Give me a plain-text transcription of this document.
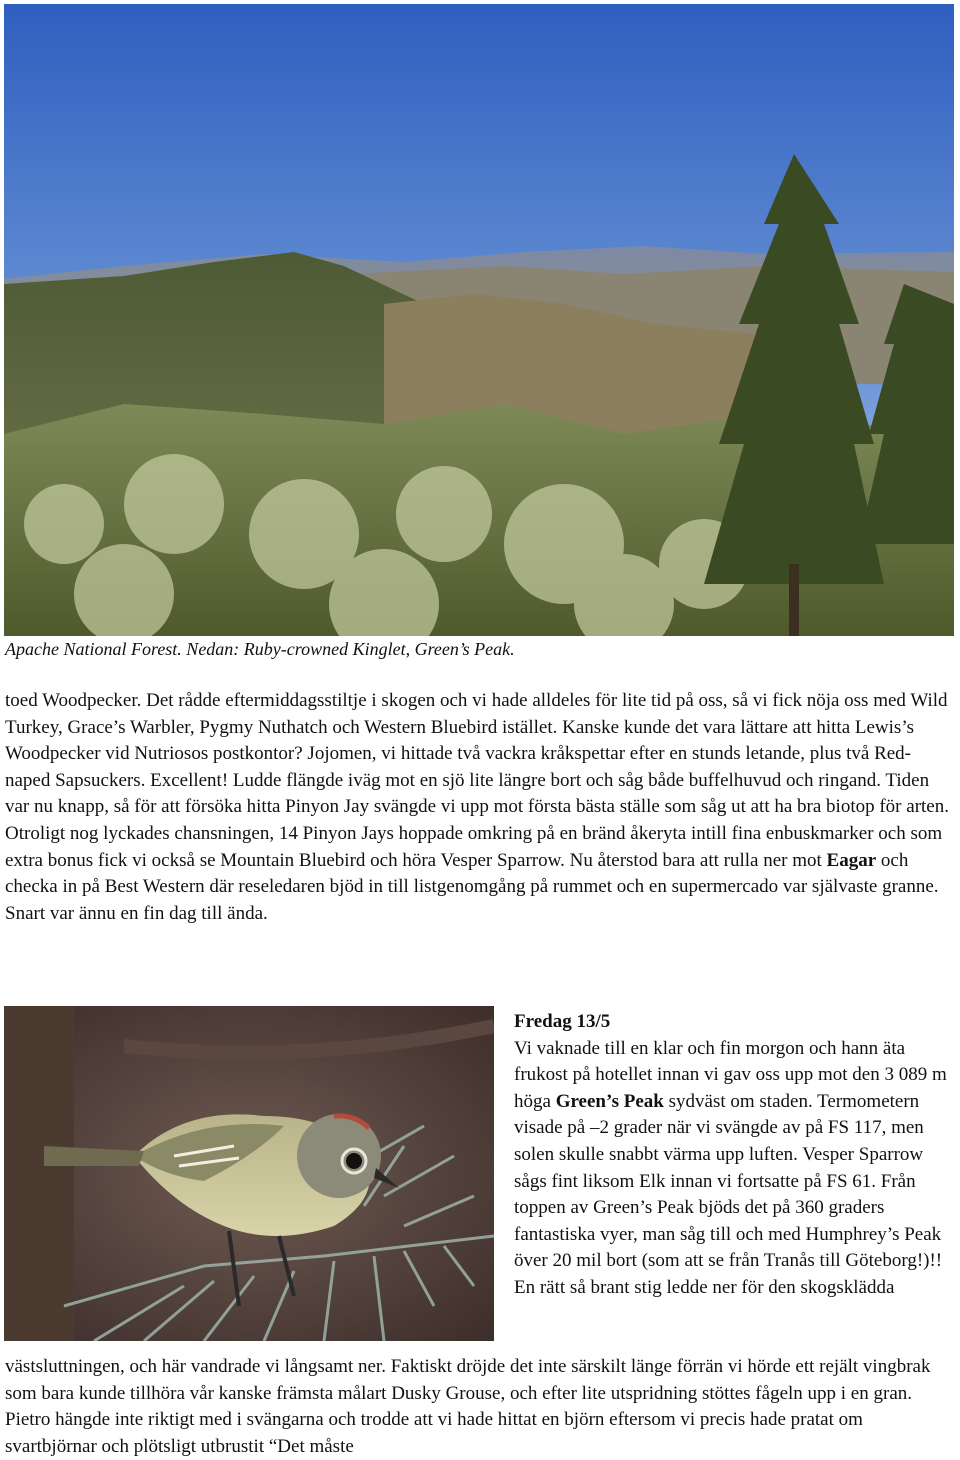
Apache National Forest. Nedan: Ruby-crowned Kinglet, Green’s Peak.

toed Woodpecker. Det rådde eftermiddagsstiltje i skogen och vi hade alldeles för lite tid på oss, så vi fick nöja oss med Wild Turkey, Grace’s Warbler, Pygmy Nuthatch och Western Bluebird istället. Kanske kunde det vara lättare att hitta Lewis’s Woodpecker vid Nutriosos postkontor? Jojomen, vi hittade två vackra kråkspettar efter en stunds letande, plus två Red-naped Sapsuckers. Excellent! Ludde flängde iväg mot en sjö lite längre bort och såg både buffelhuvud och ringand. Tiden var nu knapp, så för att försöka hitta Pinyon Jay svängde vi upp mot första bästa ställe som såg ut att ha bra biotop för arten. Otroligt nog lyckades chansningen, 14 Pinyon Jays hoppade omkring på en bränd åkeryta intill fina enbuskmarker och som extra bonus fick vi också se Mountain Bluebird och höra Vesper Sparrow. Nu återstod bara att rulla ner mot Eagar och checka in på Best Western där reseledaren bjöd in till listgenomgång på rummet och en supermercado var självaste granne. Snart var ännu en fin dag till ända.

Fredag 13/5

Vi vaknade till en klar och fin morgon och hann äta frukost på hotellet innan vi gav oss upp mot den 3 089 m höga Green’s Peak sydväst om staden. Termometern visade på –2 grader när vi svängde av på FS 117, men solen skulle snabbt värma upp luften. Vesper Sparrow sågs fint liksom Elk innan vi fortsatte på FS 61. Från toppen av Green’s Peak bjöds det på 360 graders fantastiska vyer, man såg till och med Humphrey’s Peak över 20 mil bort (som att se från Tranås till Göteborg!)!! En rätt så brant stig ledde ner för den skogsklädda

västsluttningen, och här vandrade vi långsamt ner. Faktiskt dröjde det inte särskilt länge förrän vi hörde ett rejält vingbrak som bara kunde tillhöra vår kanske främsta målart Dusky Grouse, och efter lite utspridning stöttes fågeln upp i en gran. Pietro hängde inte riktigt med i svängarna och trodde att vi hade hittat en björn eftersom vi precis hade pratat om svartbjörnar och plötsligt utbrustit “Det måste
